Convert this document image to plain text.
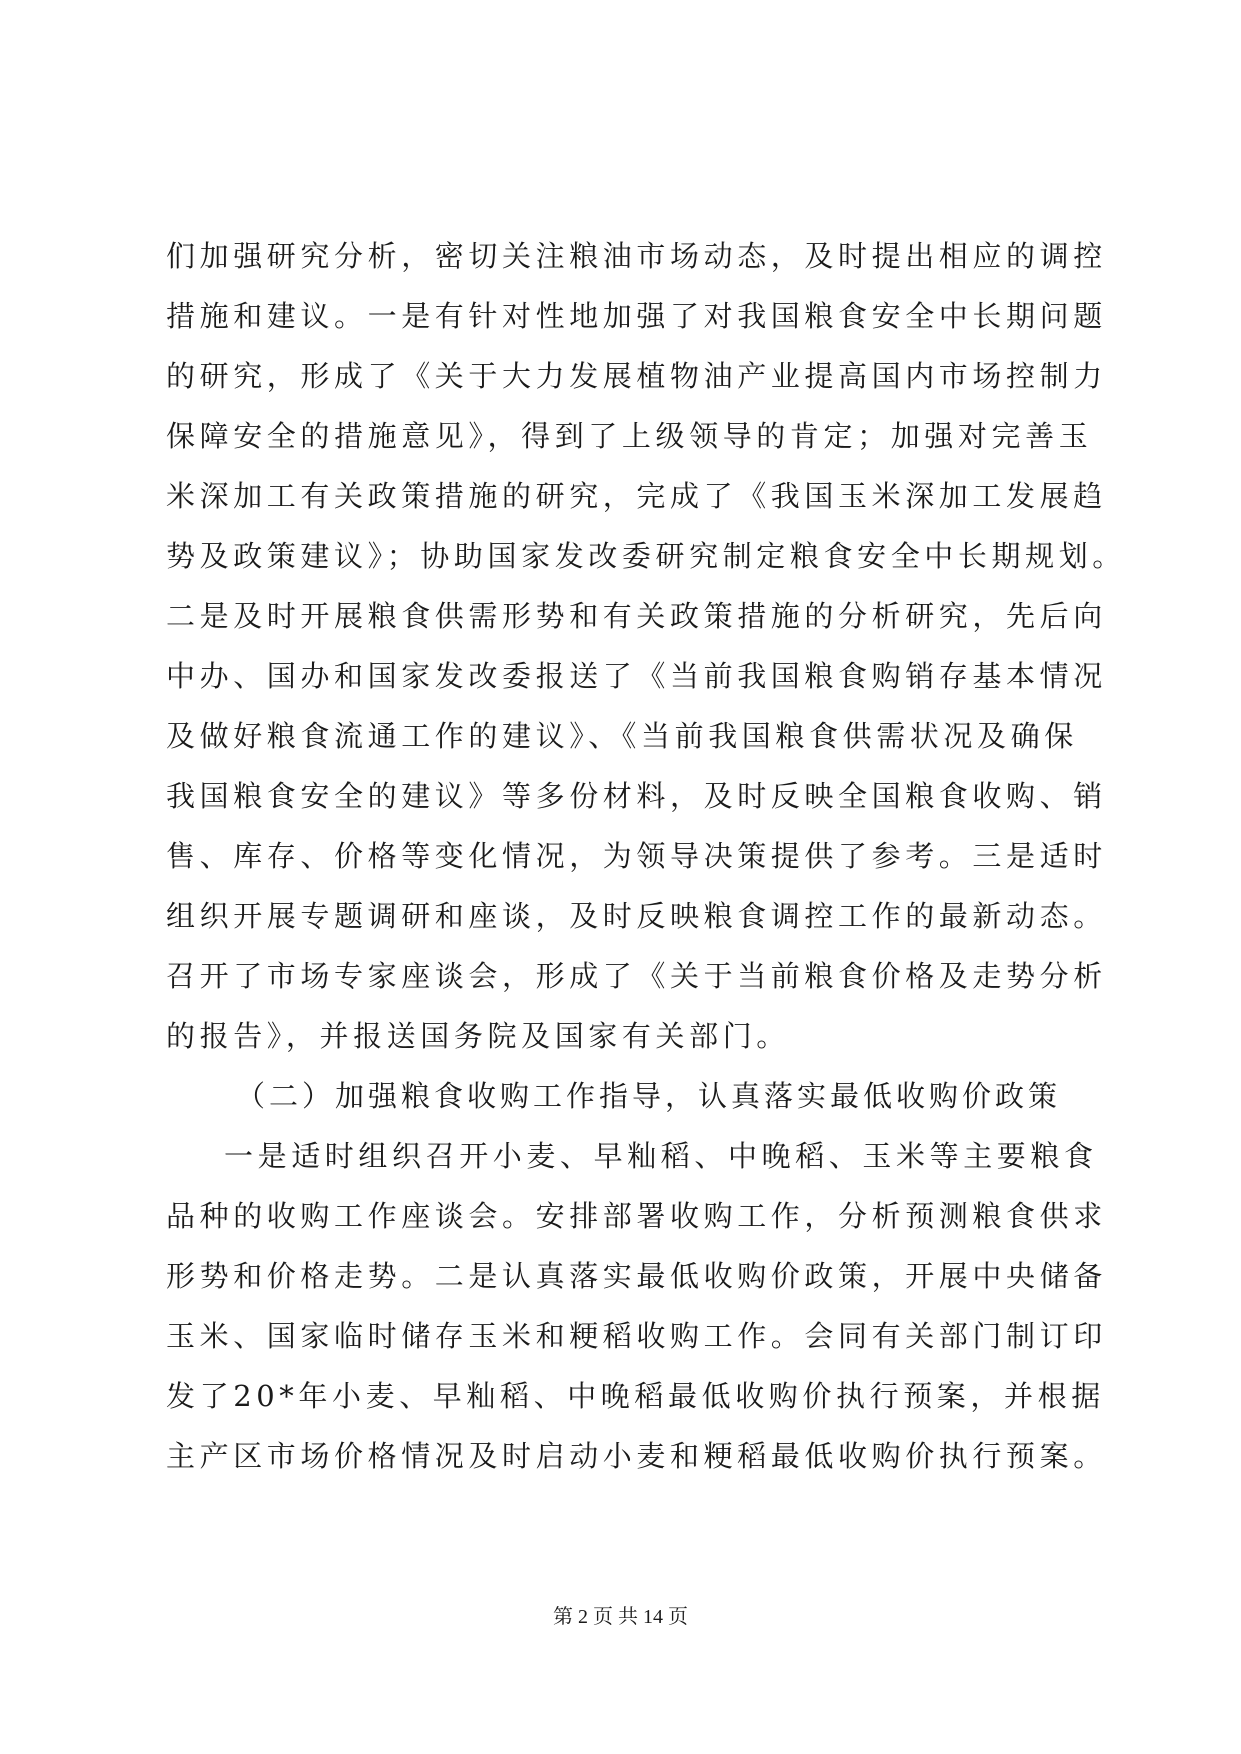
们加强研究分析，密切关注粮油市场动态，及时提出相应的调控
措施和建议。一是有针对性地加强了对我国粮食安全中长期问题
的研究，形成了《关于大力发展植物油产业提高国内市场控制力
保障安全的措施意见》，得到了上级领导的肯定；加强对完善玉
米深加工有关政策措施的研究，完成了《我国玉米深加工发展趋
势及政策建议》；协助国家发改委研究制定粮食安全中长期规划。
二是及时开展粮食供需形势和有关政策措施的分析研究，先后向
中办、国办和国家发改委报送了《当前我国粮食购销存基本情况
及做好粮食流通工作的建议》、《当前我国粮食供需状况及确保
我国粮食安全的建议》等多份材料，及时反映全国粮食收购、销
售、库存、价格等变化情况，为领导决策提供了参考。三是适时
组织开展专题调研和座谈，及时反映粮食调控工作的最新动态。
召开了市场专家座谈会，形成了《关于当前粮食价格及走势分析
的报告》，并报送国务院及国家有关部门。
（二）加强粮食收购工作指导，认真落实最低收购价政策
一是适时组织召开小麦、早籼稻、中晚稻、玉米等主要粮食
品种的收购工作座谈会。安排部署收购工作，分析预测粮食供求
形势和价格走势。二是认真落实最低收购价政策，开展中央储备
玉米、国家临时储存玉米和粳稻收购工作。会同有关部门制订印
发了20*年小麦、早籼稻、中晚稻最低收购价执行预案，并根据
主产区市场价格情况及时启动小麦和粳稻最低收购价执行预案。
第 2 页 共 14 页
